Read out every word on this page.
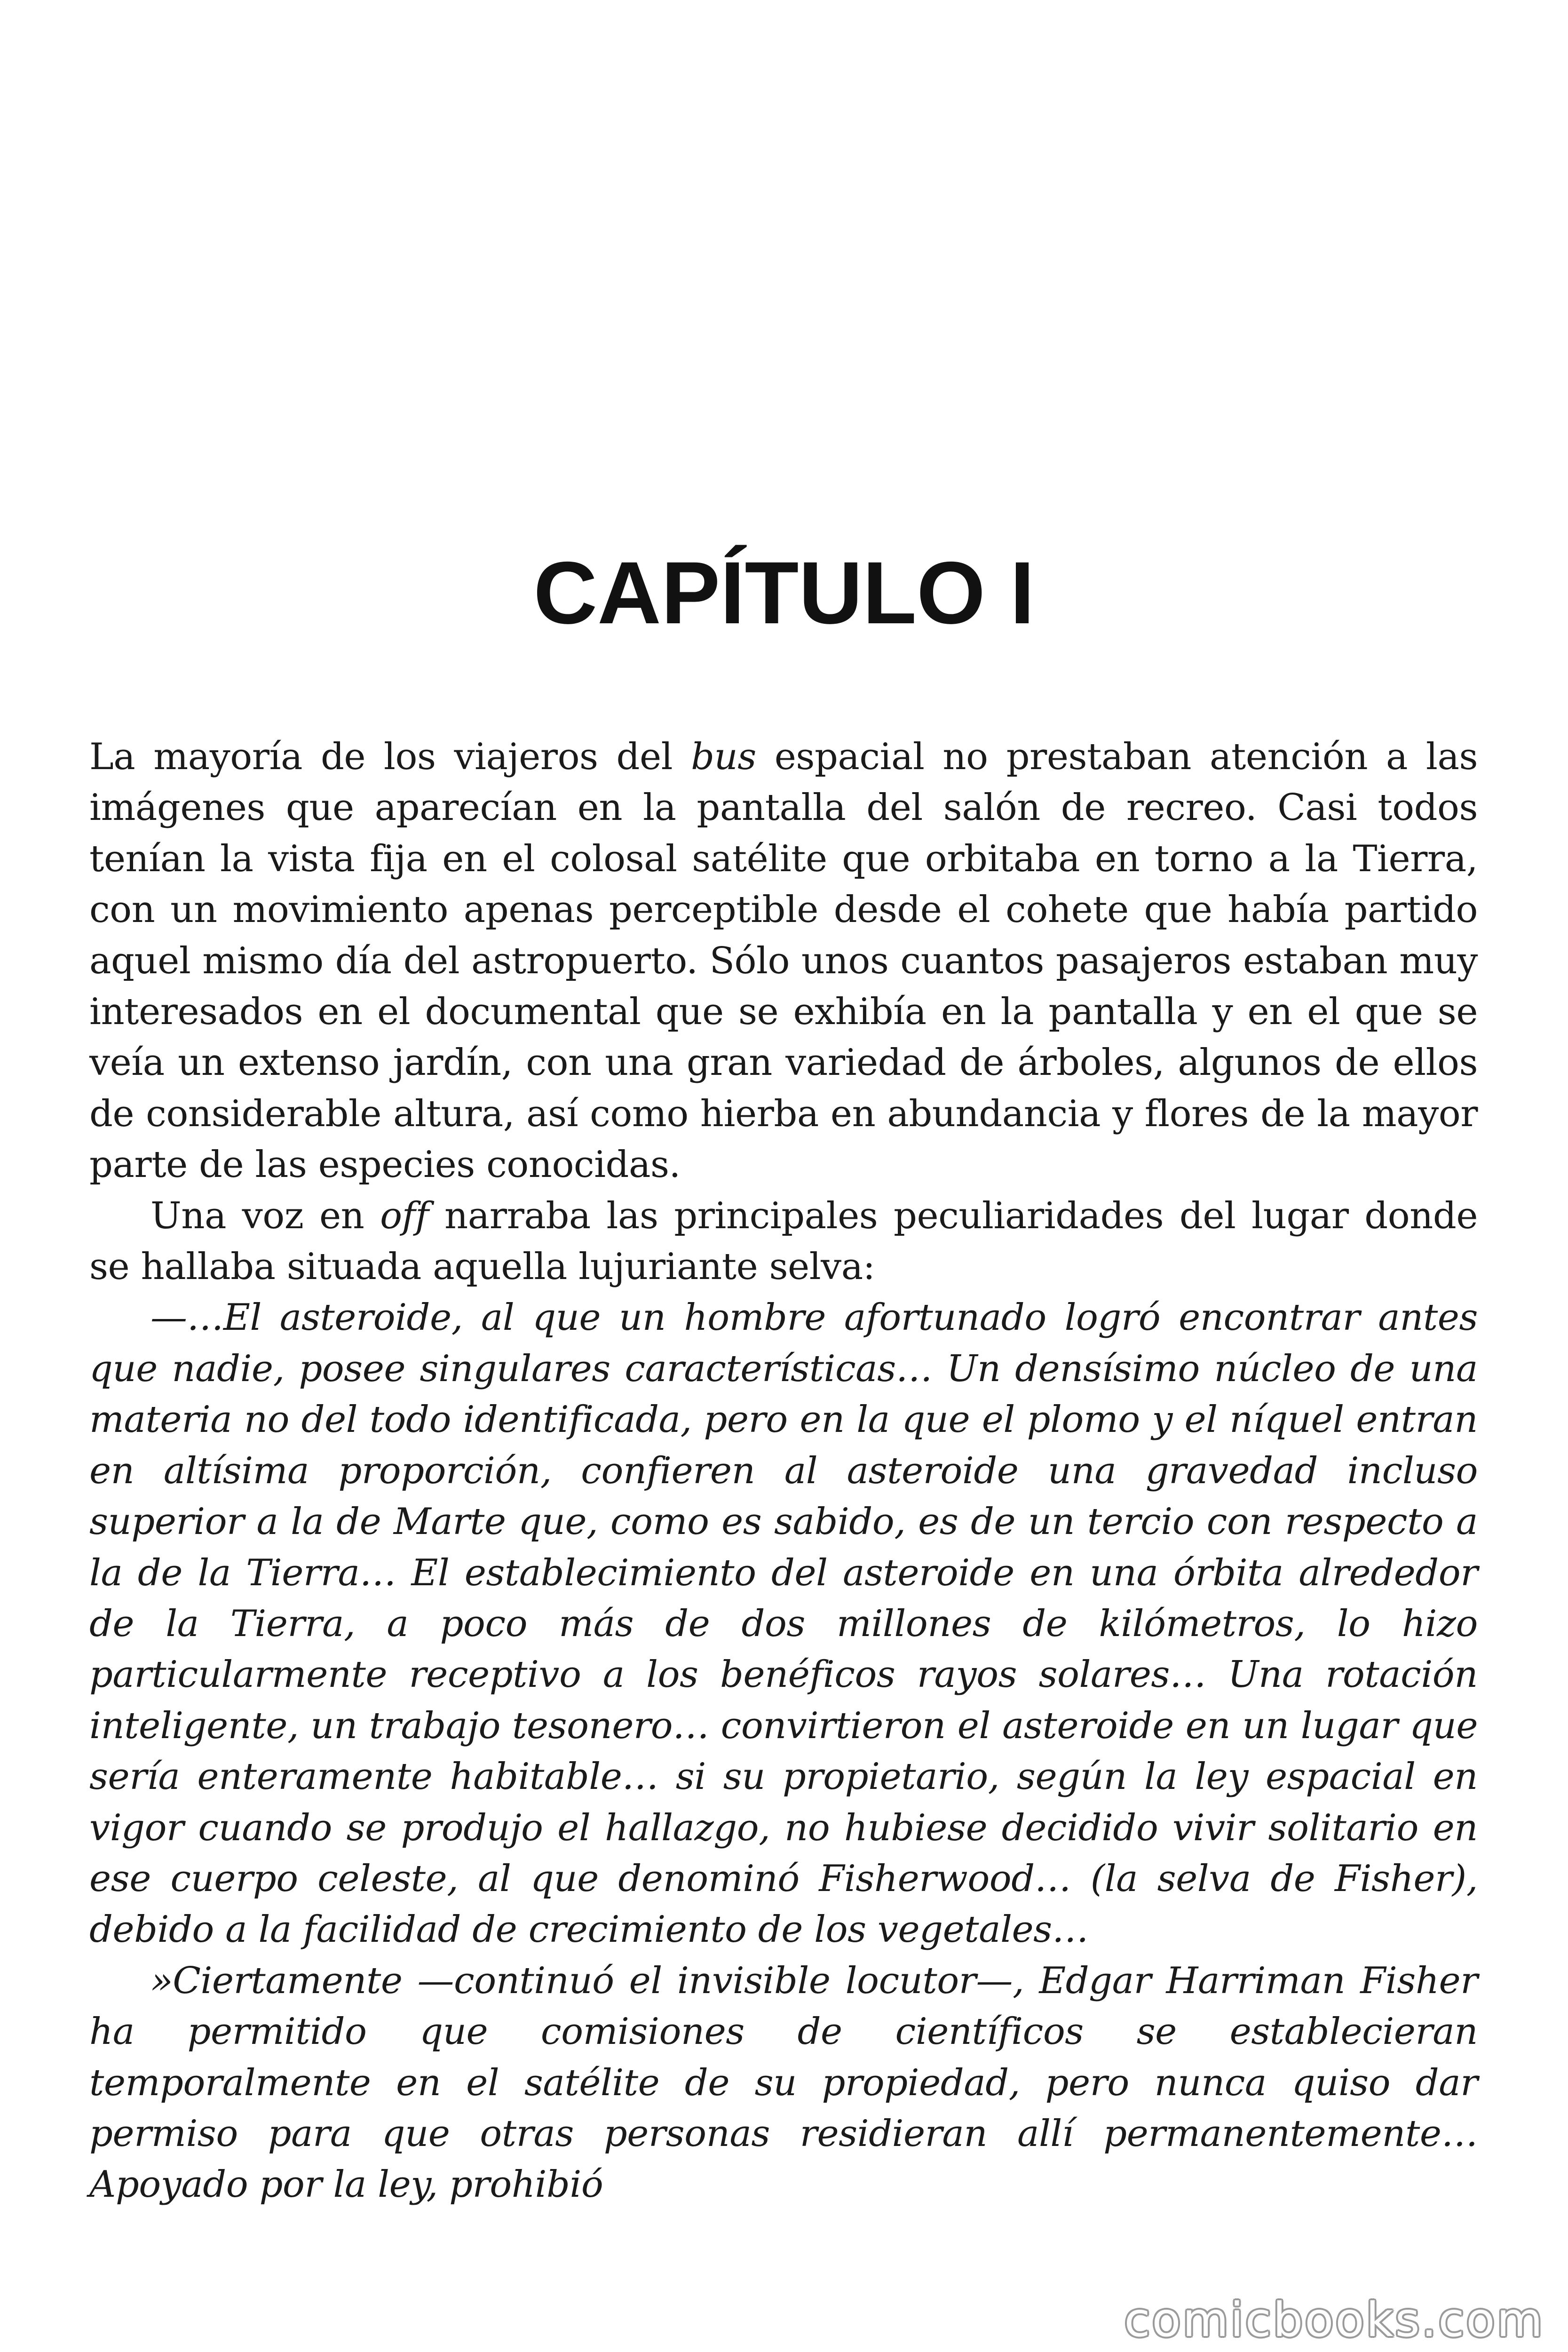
CAPÍTULO I

La mayoría de los viajeros del bus espacial no prestaban atención a las imágenes que aparecían en la pantalla del salón de recreo. Casi todos tenían la vista fija en el colosal satélite que orbitaba en torno a la Tierra, con un movimiento apenas perceptible desde el cohete que había partido aquel mismo día del astropuerto. Sólo unos cuantos pasajeros estaban muy interesados en el documental que se exhibía en la pantalla y en el que se veía un extenso jardín, con una gran variedad de árboles, algunos de ellos de considerable altura, así como hierba en abundancia y flores de la mayor parte de las especies conocidas.

Una voz en off narraba las principales peculiaridades del lugar donde se hallaba situada aquella lujuriante selva:

—…El asteroide, al que un hombre afortunado logró encontrar antes que nadie, posee singulares características… Un densísimo núcleo de una materia no del todo identificada, pero en la que el plomo y el níquel entran en altísima proporción, confieren al asteroide una gravedad incluso superior a la de Marte que, como es sabido, es de un tercio con respecto a la de la Tierra… El establecimiento del asteroide en una órbita alrededor de la Tierra, a poco más de dos millones de kilómetros, lo hizo particularmente receptivo a los benéficos rayos solares… Una rotación inteligente, un trabajo tesonero… convirtieron el asteroide en un lugar que sería enteramente habitable… si su propietario, según la ley espacial en vigor cuando se produjo el hallazgo, no hubiese decidido vivir solitario en ese cuerpo celeste, al que denominó Fisherwood… (la selva de Fisher), debido a la facilidad de crecimiento de los vegetales…

»Ciertamente —continuó el invisible locutor—, Edgar Harriman Fisher ha permitido que comisiones de científicos se establecieran temporalmente en el satélite de su propiedad, pero nunca quiso dar permiso para que otras personas residieran allí permanentemente… Apoyado por la ley, prohibió

comicbooks.com
